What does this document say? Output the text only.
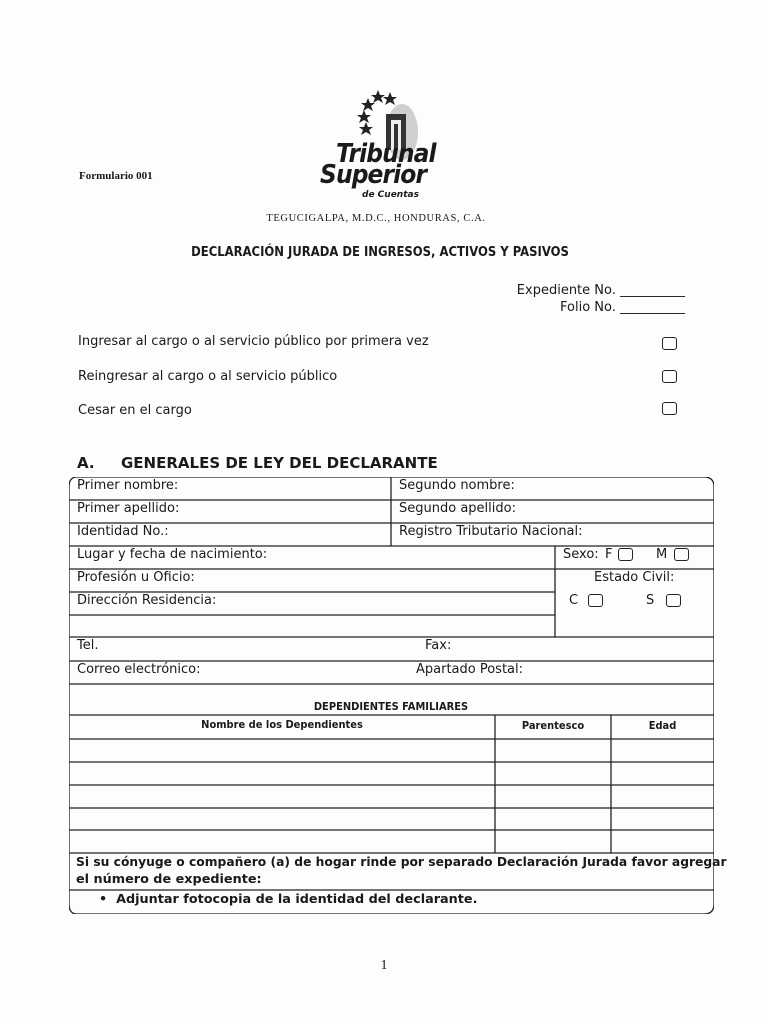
Formulario 001
Tribunal
Superior
de Cuentas
TEGUCIGALPA, M.D.C., HONDURAS, C.A.
DECLARACIÓN JURADA DE INGRESOS, ACTIVOS Y PASIVOS
Expediente No. __________
Folio No. __________
Ingresar al cargo o al servicio público por primera vez
Reingresar al cargo o al servicio público
Cesar en el cargo
A. GENERALES DE LEY DEL DECLARANTE
Primer nombre:	Segundo nombre:
Primer apellido:	Segundo apellido:
Identidad No.:	Registro Tributario Nacional:
Lugar y fecha de nacimiento:	Sexo: F	M
Profesión u Oficio:	Estado Civil:
Dirección Residencia:	C	S
Tel.	Fax:
Correo electrónico:	Apartado Postal:
DEPENDIENTES FAMILIARES
Nombre de los Dependientes	Parentesco	Edad
Si su cónyuge o compañero (a) de hogar rinde por separado Declaración Jurada favor agregar
el número de expediente:
•  Adjuntar fotocopia de la identidad del declarante.
1
